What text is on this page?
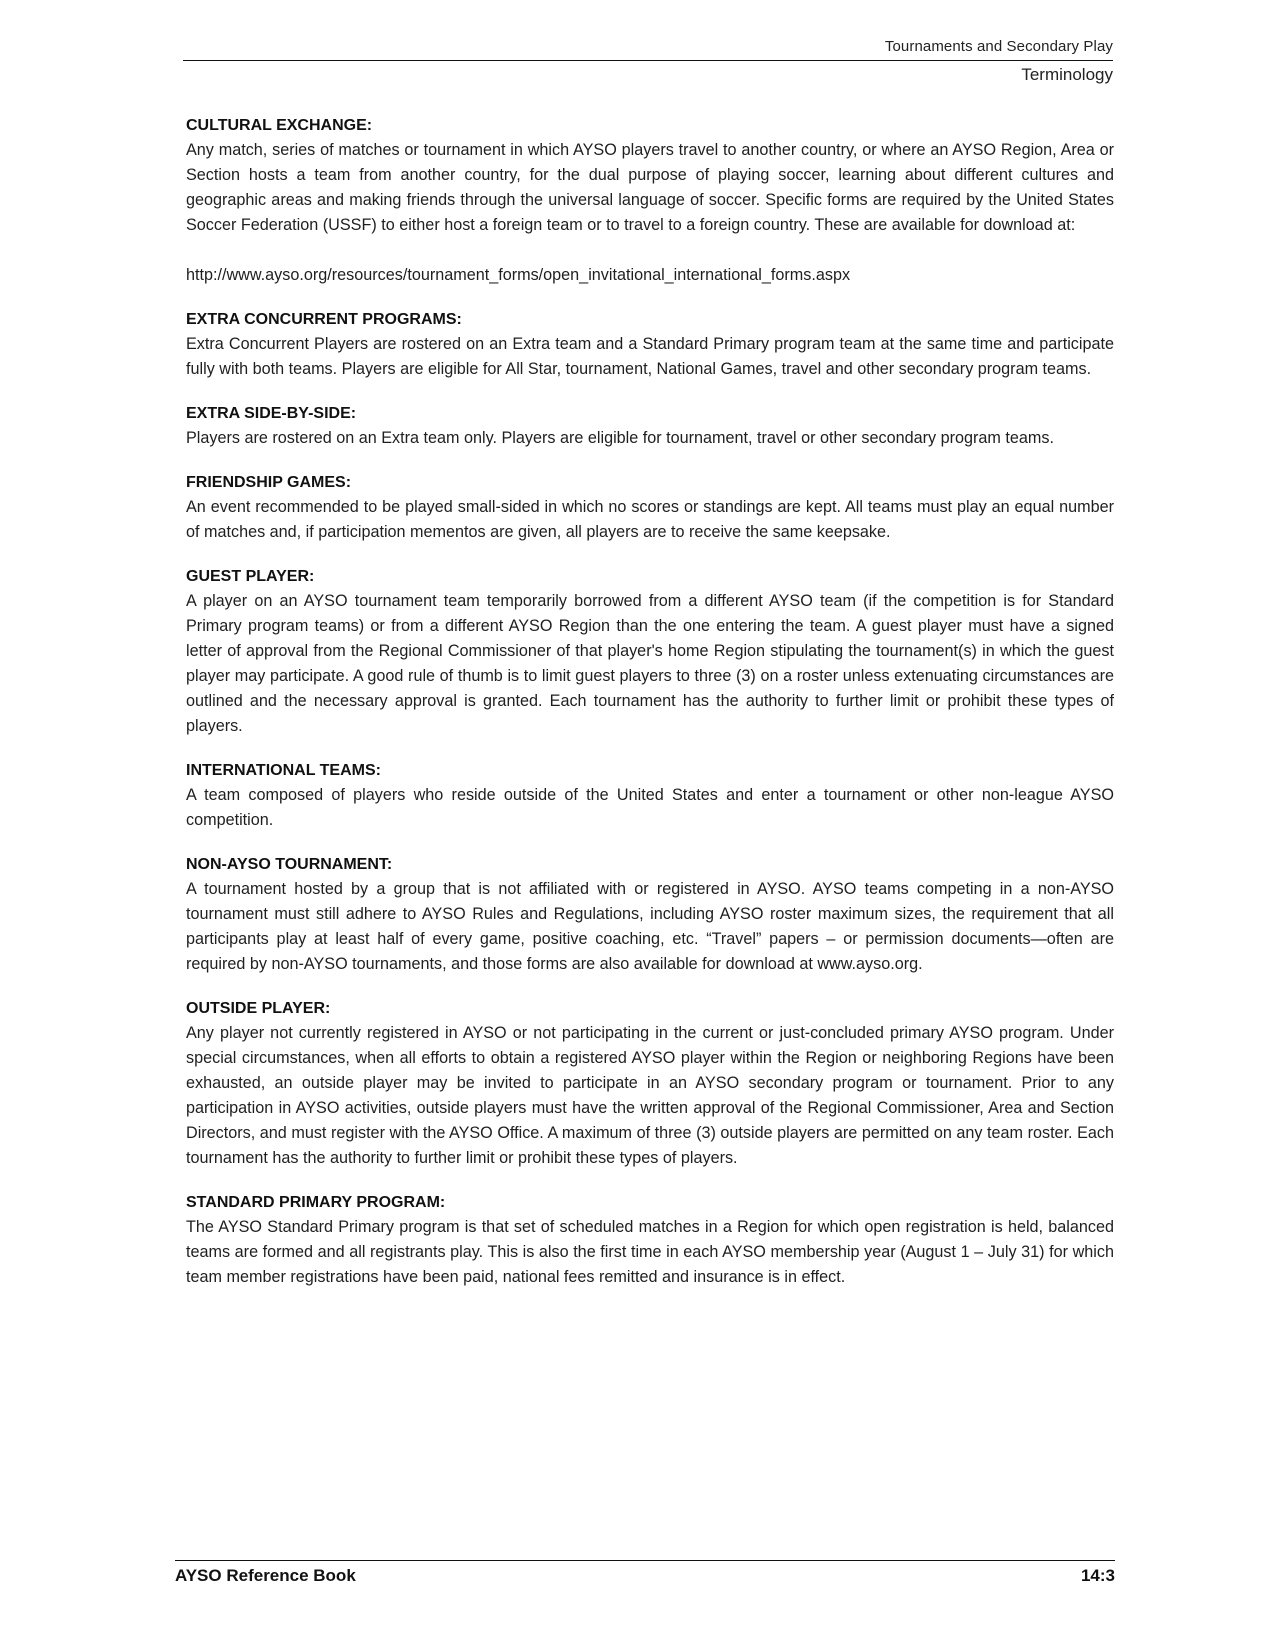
Tournaments and Secondary Play
Terminology

CULTURAL EXCHANGE:

Any match, series of matches or tournament in which AYSO players travel to another country, or where an AYSO Region, Area or Section hosts a team from another country, for the dual purpose of playing soccer, learning about different cultures and geographic areas and making friends through the universal language of soccer. Specific forms are required by the United States Soccer Federation (USSF) to either host a foreign team or to travel to a foreign country. These are available for download at:

http://www.ayso.org/resources/tournament_forms/open_invitational_international_forms.aspx

EXTRA CONCURRENT PROGRAMS:

Extra Concurrent Players are rostered on an Extra team and a Standard Primary program team at the same time and participate fully with both teams. Players are eligible for All Star, tournament, National Games, travel and other secondary program teams.

EXTRA SIDE-BY-SIDE:

Players are rostered on an Extra team only. Players are eligible for tournament, travel or other secondary program teams.

FRIENDSHIP GAMES:

An event recommended to be played small-sided in which no scores or standings are kept. All teams must play an equal number of matches and, if participation mementos are given, all players are to receive the same keepsake.

GUEST PLAYER:

A player on an AYSO tournament team temporarily borrowed from a different AYSO team (if the competition is for Standard Primary program teams) or from a different AYSO Region than the one entering the team. A guest player must have a signed letter of approval from the Regional Commissioner of that player's home Region stipulating the tournament(s) in which the guest player may participate. A good rule of thumb is to limit guest players to three (3) on a roster unless extenuating circumstances are outlined and the necessary approval is granted. Each tournament has the authority to further limit or prohibit these types of players.

INTERNATIONAL TEAMS:

A team composed of players who reside outside of the United States and enter a tournament or other non-league AYSO competition.

NON-AYSO TOURNAMENT:

A tournament hosted by a group that is not affiliated with or registered in AYSO. AYSO teams competing in a non-AYSO tournament must still adhere to AYSO Rules and Regulations, including AYSO roster maximum sizes, the requirement that all participants play at least half of every game, positive coaching, etc. “Travel” papers – or permission documents—often are required by non-AYSO tournaments, and those forms are also available for download at www.ayso.org.

OUTSIDE PLAYER:

Any player not currently registered in AYSO or not participating in the current or just-concluded primary AYSO program. Under special circumstances, when all efforts to obtain a registered AYSO player within the Region or neighboring Regions have been exhausted, an outside player may be invited to participate in an AYSO secondary program or tournament. Prior to any participation in AYSO activities, outside players must have the written approval of the Regional Commissioner, Area and Section Directors, and must register with the AYSO Office. A maximum of three (3) outside players are permitted on any team roster. Each tournament has the authority to further limit or prohibit these types of players.

STANDARD PRIMARY PROGRAM:

The AYSO Standard Primary program is that set of scheduled matches in a Region for which open registration is held, balanced teams are formed and all registrants play. This is also the first time in each AYSO membership year (August 1 – July 31) for which team member registrations have been paid, national fees remitted and insurance is in effect.

AYSO Reference Book	14:3
